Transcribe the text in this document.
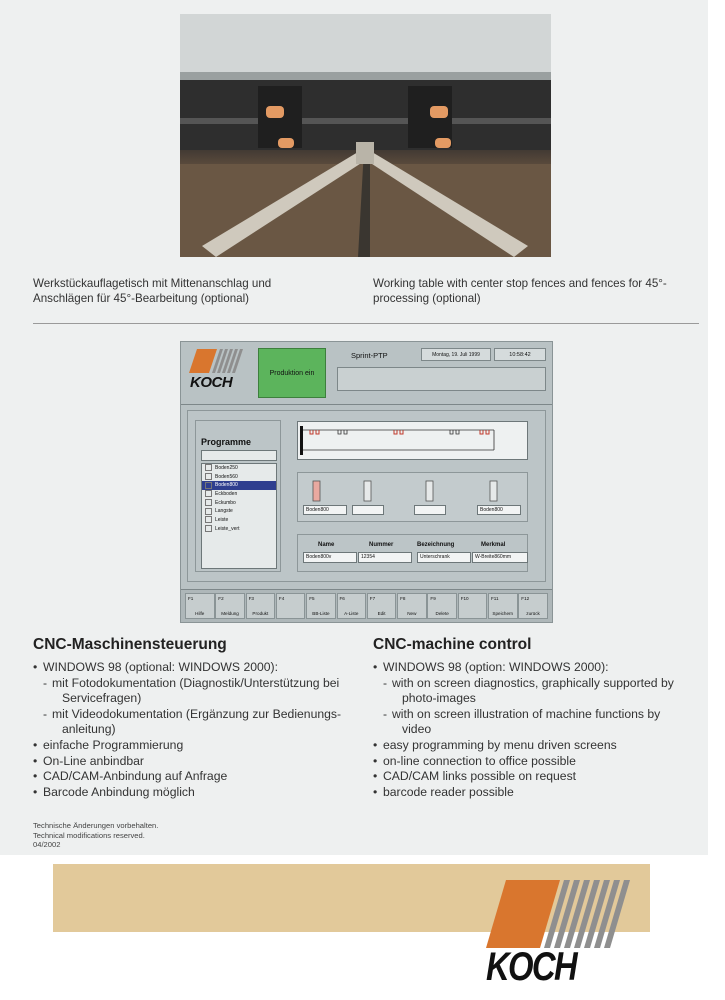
Werkstückauflagetisch mit Mittenanschlag und
Anschlägen für 45°-Bearbeitung (optional)
Working table with center stop fences and fences for 45°-
processing (optional)
KOCH
Produktion ein
Sprint-PTP	Montag, 19. Juli 1999	10:58:42
Programme
Boden250
Boden560
Boden800
Eckboden
Eckumbo
Langste
Leiste
Leiste_vert
Boden800	Boden800
Name	Nummer	Bezeichnung	Merkmal
Boden800v	12354	Unterschrank	W-Breite860mm
F1
Hilfe
F2
Meldung
F3
Produkt
F4	F5
BB-Liste
F6
A-Liste
F7
Edit
F8
New
F9
Delete
F10	F11
Speichern
F12
zurück
CNC-Maschinensteuerung
• WINDOWS 98 (optional: WINDOWS 2000):
- mit Fotodokumentation (Diagnostik/Unterstützung bei
Servicefragen)
- mit Videodokumentation (Ergänzung zur Bedienungs-
anleitung)
• einfache Programmierung
• On-Line anbindbar
• CAD/CAM-Anbindung auf Anfrage
• Barcode Anbindung möglich
CNC-machine control
• WINDOWS 98 (option: WINDOWS 2000):
- with on screen diagnostics, graphically supported by
photo-images
- with on screen illustration of machine functions by
video
• easy programming by menu driven screens
• on-line connection to office possible
• CAD/CAM links possible on request
• barcode reader possible
Technische Änderungen vorbehalten.
Technical modifications reserved.
04/2002
KOCH
